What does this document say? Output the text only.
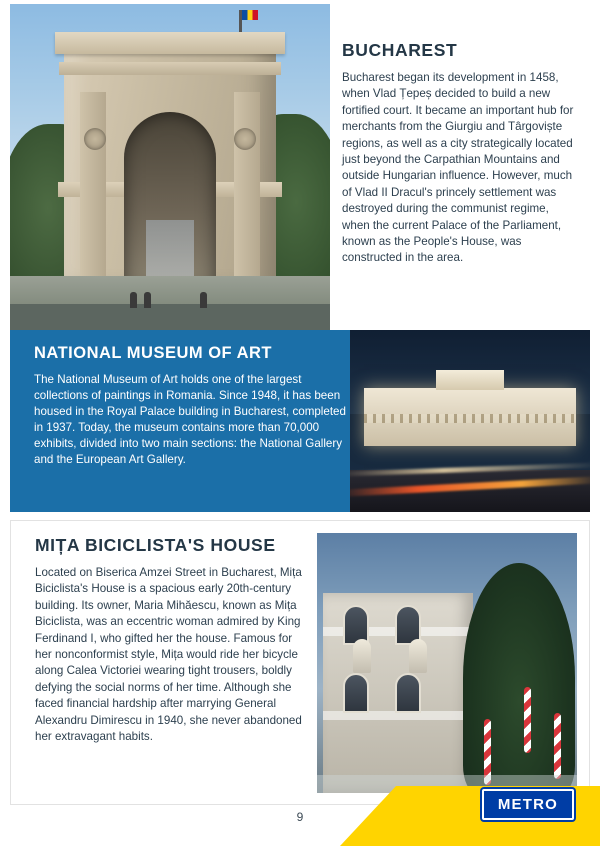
BUCHAREST
Bucharest began its development in 1458, when Vlad Țepeș decided to build a new fortified court. It became an important hub for merchants from the Giurgiu and Târgoviște regions, as well as a city strategically located just beyond the Carpathian Mountains and outside Hungarian influence. However, much of Vlad II Dracul's princely settlement was destroyed during the communist regime, when the current Palace of the Parliament, known as the People's House, was constructed in the area.
NATIONAL MUSEUM OF ART
The National Museum of Art holds one of the largest collections of paintings in Romania. Since 1948, it has been housed in the Royal Palace building in Bucharest, completed in 1937. Today, the museum contains more than 70,000 exhibits, divided into two main sections: the National Gallery and the European Art Gallery.
MIȚA BICICLISTA'S HOUSE
Located on Biserica Amzei Street in Bucharest, Mița Biciclista's House is a spacious early 20th-century building. Its owner, Maria Mihăescu, known as Mița Biciclista, was an eccentric woman admired by King Ferdinand I, who gifted her the house. Famous for her nonconformist style, Mița would ride her bicycle along Calea Victoriei wearing tight trousers, boldly defying the social norms of her time. Although she faced financial hardship after marrying General Alexandru Dimirescu in 1940, she never abandoned her extravagant habits.
9
METRO
